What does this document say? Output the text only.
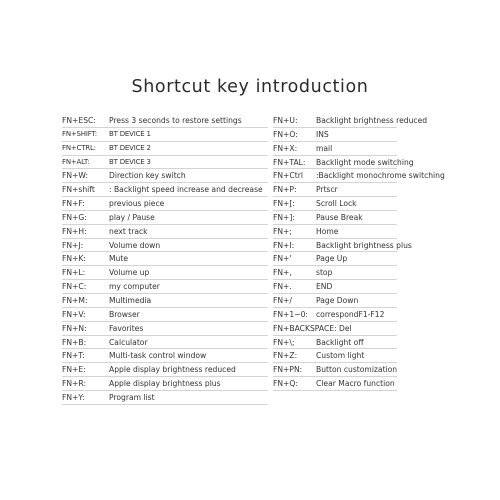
Shortcut key introduction
FN+ESC: Press 3 seconds to restore settings
FN+SHIFT: BT DEVICE 1
FN+CTRL: BT DEVICE 2
FN+ALT:	BT DEVICE 3
FN+W:	Direction key switch
FN+shift : Backlight speed increase and decrease
FN+F:	previous piece
FN+G:	play / Pause
FN+H:	next track
FN+J:	Volume down
FN+K:	Mute
FN+L:	Volume up
FN+C:	my computer
FN+M:	Multimedia
FN+V:	Browser
FN+N:	Favorites
FN+B:	Calculator
FN+T:	Multi-task control window
FN+E:	Apple display brightness reduced
FN+R:	Apple display brightness plus
FN+Y:	Program list
FN+U: Backlight brightness reduced
FN+O: INS
FN+X: mail
FN+TAL: Backlight mode switching
FN+Ctrl :Backlight monochrome switching
FN+P:	Prtscr
FN+[:	Scroll Lock
FN+]:	Pause Break
FN+;	Home
FN+I:	Backlight brightness plus
FN+'	Page Up
FN+,	stop
FN+.	END
FN+/	Page Down
FN+1~0: correspondF1-F12
FN+BACKSPACE: Del
FN+\;	Backlight off
FN+Z: Custom light
FN+PN: Button customization
FN+Q: Clear Macro function
